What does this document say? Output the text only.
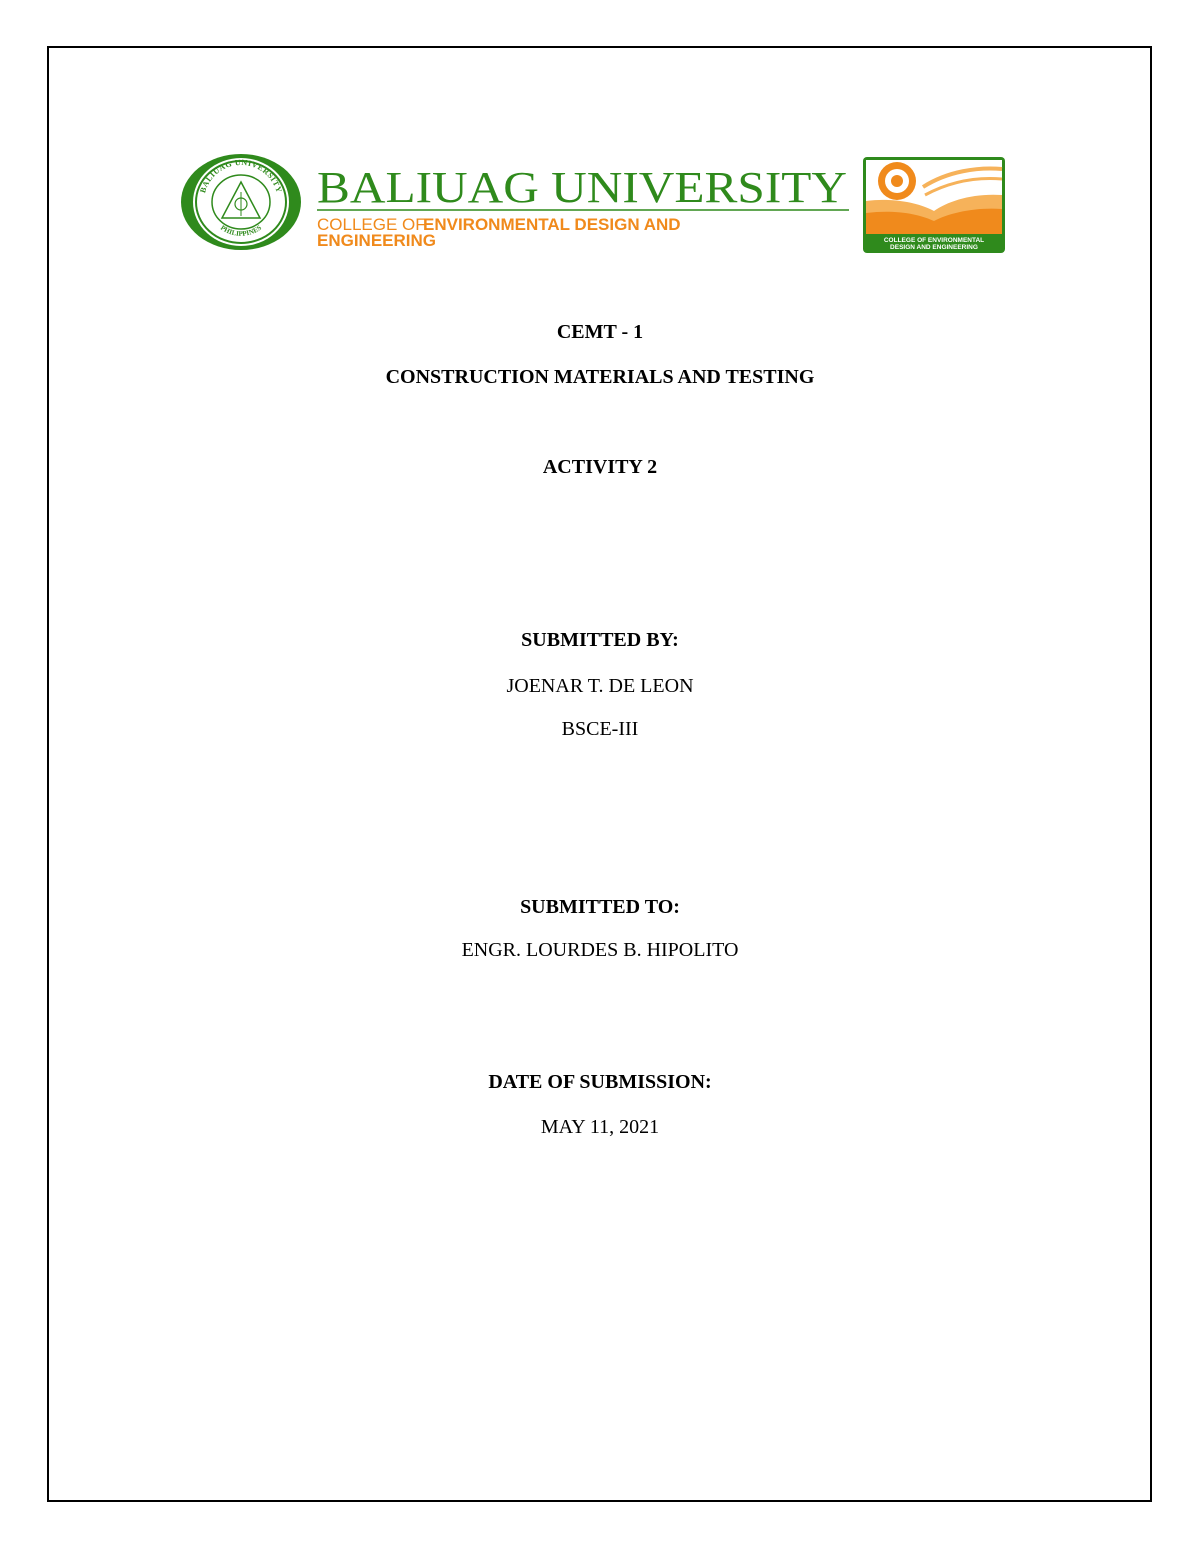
BALIUAG UNIVERSITY
PHILIPPINES
BALIUAG UNIVERSITY
COLLEGE OF
ENVIRONMENTAL DESIGN AND
ENGINEERING	COLLEGE OF ENVIRONMENTAL
DESIGN AND ENGINEERING
CEMT - 1
CONSTRUCTION MATERIALS AND TESTING
ACTIVITY 2
SUBMITTED BY:
JOENAR T. DE LEON
BSCE-III
SUBMITTED TO:
ENGR. LOURDES B. HIPOLITO
DATE OF SUBMISSION:
MAY 11, 2021
